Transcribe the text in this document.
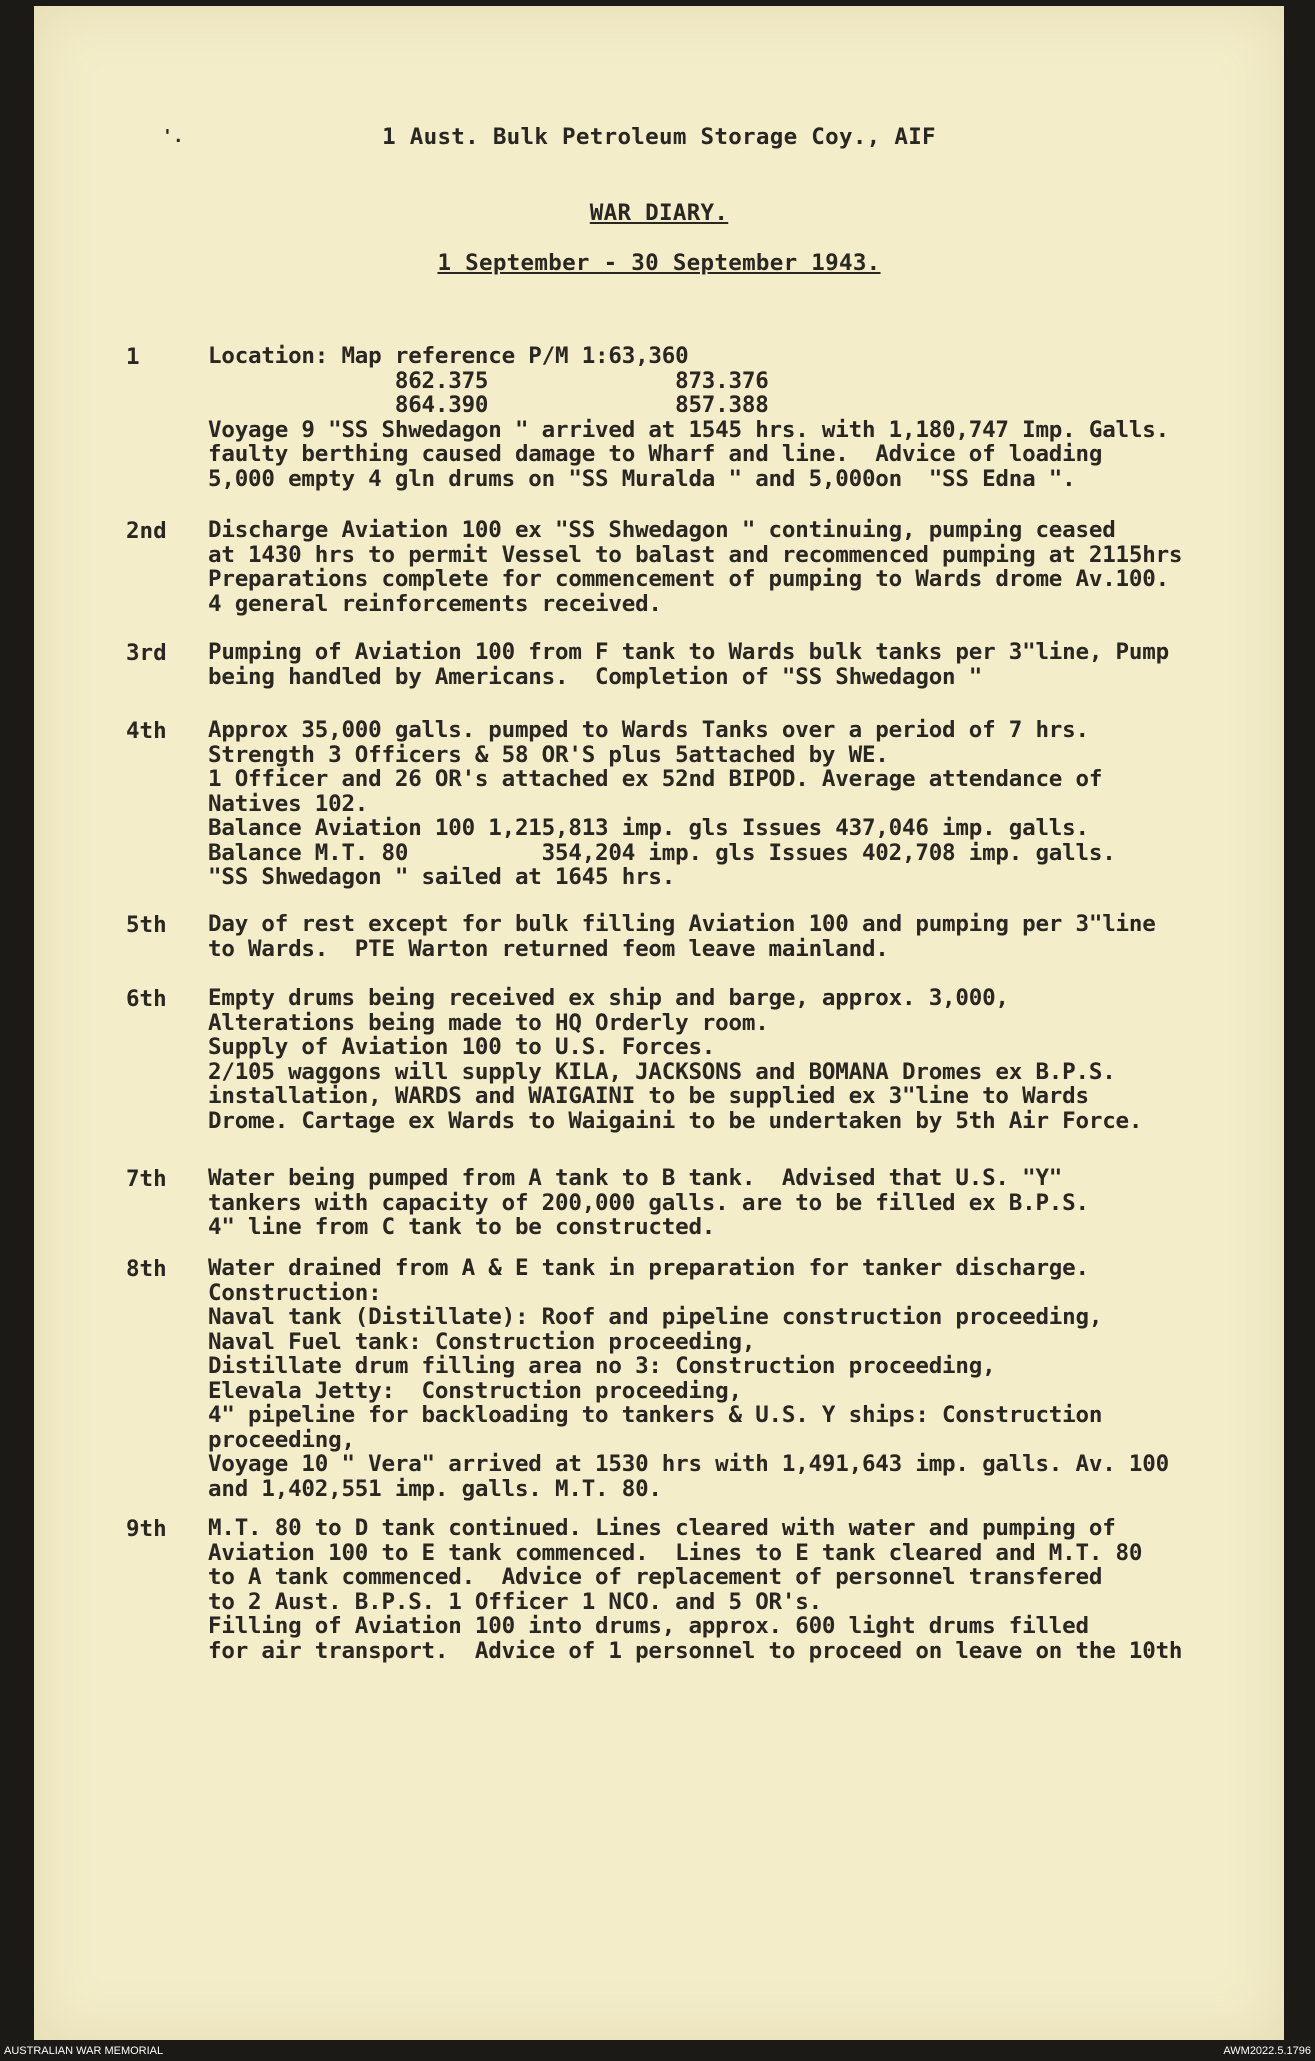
'.	1 Aust. Bulk Petroleum Storage Coy., AIF
WAR DIARY.
1 September - 30 September 1943.
1	Location: Map reference P/M 1:63,360
862.375              873.376
864.390              857.388
Voyage 9 "SS Shwedagon " arrived at 1545 hrs. with 1,180,747 Imp. Galls.
faulty berthing caused damage to Wharf and line.  Advice of loading
5,000 empty 4 gln drums on "SS Muralda " and 5,000on  "SS Edna ".
2nd Discharge Aviation 100 ex "SS Shwedagon " continuing, pumping ceased
at 1430 hrs to permit Vessel to balast and recommenced pumping at 2115hrs
Preparations complete for commencement of pumping to Wards drome Av.100.
4 general reinforcements received.
3rd Pumping of Aviation 100 from F tank to Wards bulk tanks per 3"line, Pump
being handled by Americans.  Completion of "SS Shwedagon "
4th Approx 35,000 galls. pumped to Wards Tanks over a period of 7 hrs.
Strength 3 Officers & 58 OR'S plus 5attached by WE.
1 Officer and 26 OR's attached ex 52nd BIPOD. Average attendance of
Natives 102.
Balance Aviation 100 1,215,813 imp. gls Issues 437,046 imp. galls.
Balance M.T. 80          354,204 imp. gls Issues 402,708 imp. galls.
"SS Shwedagon " sailed at 1645 hrs.
5th Day of rest except for bulk filling Aviation 100 and pumping per 3"line
to Wards.  PTE Warton returned feom leave mainland.
6th Empty drums being received ex ship and barge, approx. 3,000,
Alterations being made to HQ Orderly room.
Supply of Aviation 100 to U.S. Forces.
2/105 waggons will supply KILA, JACKSONS and BOMANA Dromes ex B.P.S.
installation, WARDS and WAIGAINI to be supplied ex 3"line to Wards
Drome. Cartage ex Wards to Waigaini to be undertaken by 5th Air Force.
7th Water being pumped from A tank to B tank.  Advised that U.S. "Y"
tankers with capacity of 200,000 galls. are to be filled ex B.P.S.
4" line from C tank to be constructed.
8th Water drained from A & E tank in preparation for tanker discharge.
Construction:
Naval tank (Distillate): Roof and pipeline construction proceeding,
Naval Fuel tank: Construction proceeding,
Distillate drum filling area no 3: Construction proceeding,
Elevala Jetty:  Construction proceeding,
4" pipeline for backloading to tankers & U.S. Y ships: Construction
proceeding,
Voyage 10 " Vera" arrived at 1530 hrs with 1,491,643 imp. galls. Av. 100
and 1,402,551 imp. galls. M.T. 80.
9th M.T. 80 to D tank continued. Lines cleared with water and pumping of
Aviation 100 to E tank commenced.  Lines to E tank cleared and M.T. 80
to A tank commenced.  Advice of replacement of personnel transfered
to 2 Aust. B.P.S. 1 Officer 1 NCO. and 5 OR's.
Filling of Aviation 100 into drums, approx. 600 light drums filled
for air transport.  Advice of 1 personnel to proceed on leave on the 10th
AUSTRALIAN WAR MEMORIAL	AWM2022.5.1796
